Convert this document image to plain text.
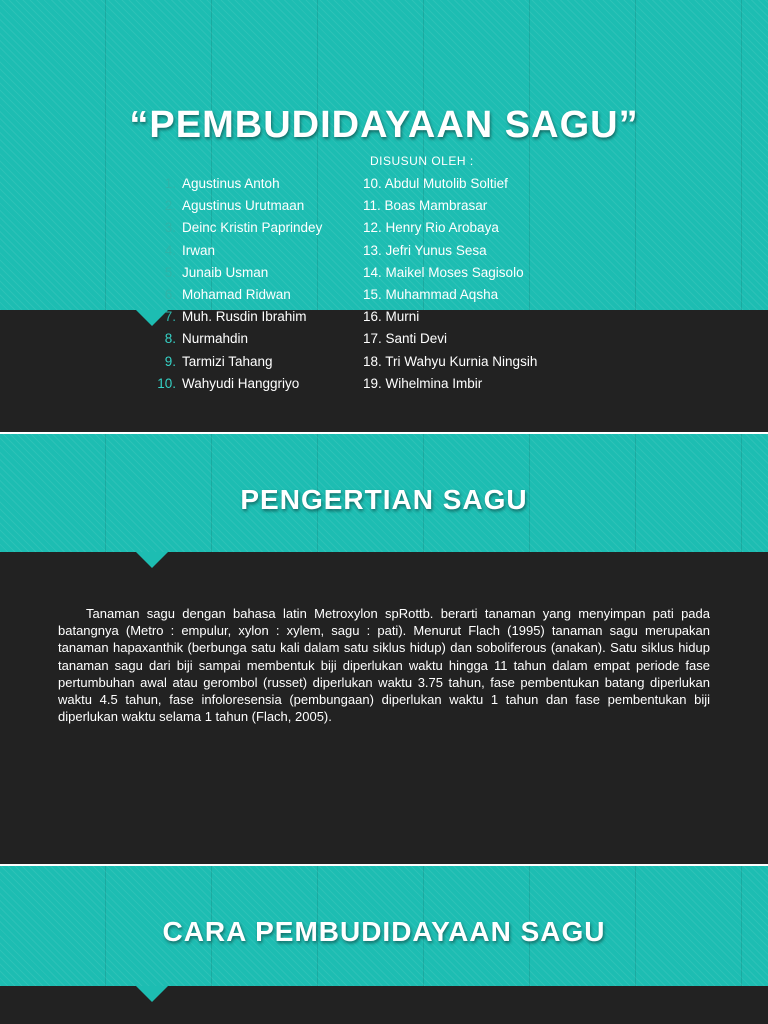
“PEMBUDIDAYAAN SAGU”
DISUSUN OLEH :
1. Agustinus Antoh
2. Agustinus Urutmaan
3. Deinc Kristin Paprindey
4. Irwan
5. Junaib Usman
6. Mohamad Ridwan
7. Muh. Rusdin Ibrahim
8. Nurmahdin
9. Tarmizi Tahang
10. Wahyudi Hanggriyo
10. Abdul Mutolib Soltief
11. Boas Mambrasar
12. Henry Rio Arobaya
13. Jefri Yunus Sesa
14. Maikel Moses Sagisolo
15. Muhammad Aqsha
16. Murni
17. Santi Devi
18. Tri Wahyu Kurnia Ningsih
19. Wihelmina Imbir
PENGERTIAN SAGU
Tanaman sagu dengan bahasa latin Metroxylon spRottb. berarti tanaman yang menyimpan pati pada batangnya (Metro : empulur, xylon : xylem, sagu : pati). Menurut Flach (1995) tanaman sagu merupakan tanaman hapaxanthik (berbunga satu kali dalam satu siklus hidup) dan soboliferous (anakan). Satu siklus hidup tanaman sagu dari biji sampai membentuk biji diperlukan waktu hingga 11 tahun dalam empat periode fase pertumbuhan awal atau gerombol (russet) diperlukan waktu 3.75 tahun, fase pembentukan batang diperlukan waktu 4.5 tahun, fase infoloresensia (pembungaan) diperlukan waktu 1 tahun dan fase pembentukan biji diperlukan waktu selama 1 tahun (Flach, 2005).
CARA PEMBUDIDAYAAN SAGU
